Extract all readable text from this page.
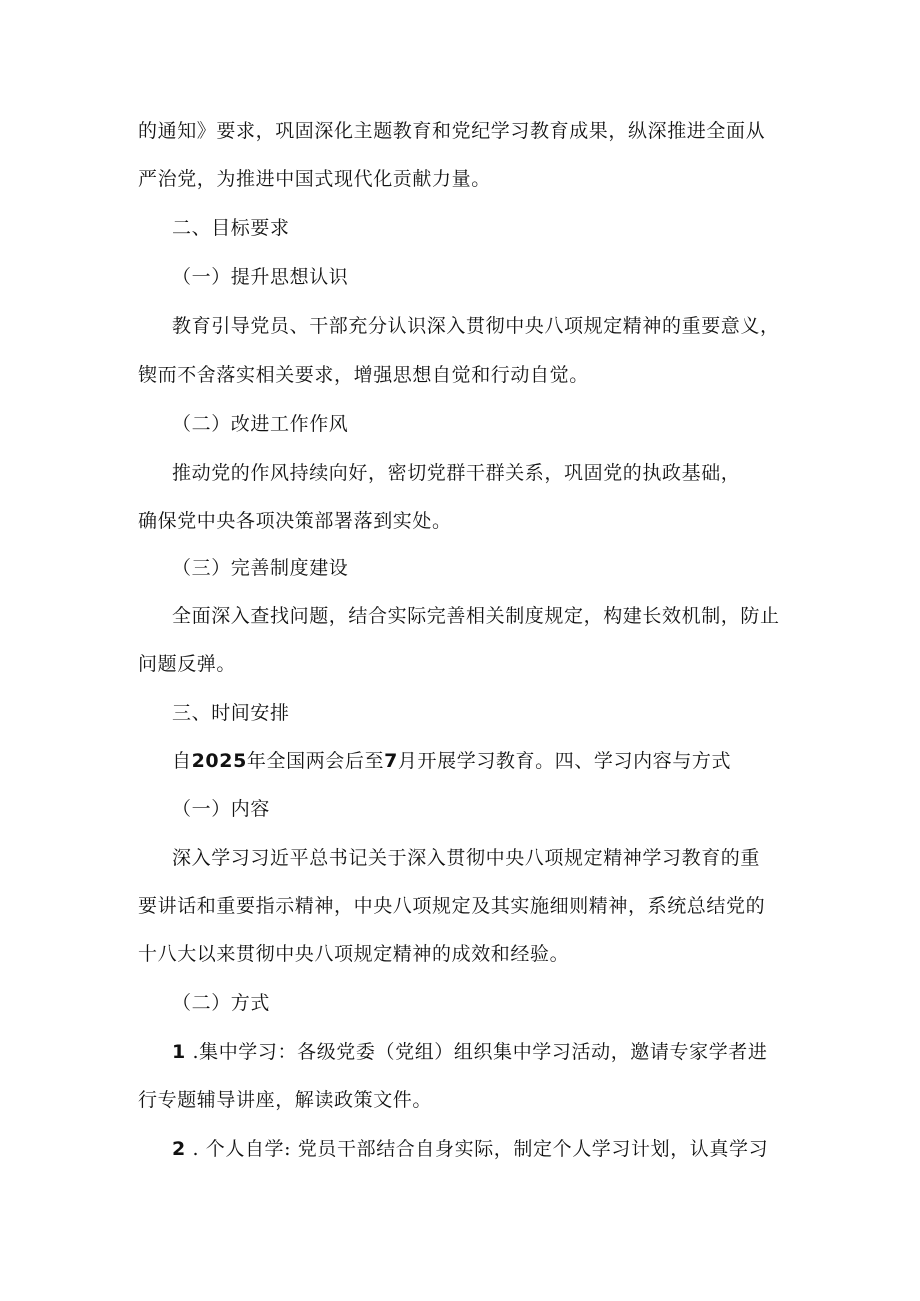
的通知》要求，巩固深化主题教育和党纪学习教育成果，纵深推进全面从
严治党，为推进中国式现代化贡献力量。
二、目标要求
（一）提升思想认识
教育引导党员、干部充分认识深入贯彻中央八项规定精神的重要意义，
锲而不舍落实相关要求，增强思想自觉和行动自觉。
（二）改进工作作风
推动党的作风持续向好，密切党群干群关系，巩固党的执政基础，
确保党中央各项决策部署落到实处。
（三）完善制度建设
全面深入查找问题，结合实际完善相关制度规定，构建长效机制，防止
问题反弹。
三、时间安排
自2025年全国两会后至7月开展学习教育。四、学习内容与方式
（一）内容
深入学习习近平总书记关于深入贯彻中央八项规定精神学习教育的重
要讲话和重要指示精神，中央八项规定及其实施细则精神，系统总结党的
十八大以来贯彻中央八项规定精神的成效和经验。
（二）方式
1 .集中学习：各级党委（党组）组织集中学习活动，邀请专家学者进
行专题辅导讲座，解读政策文件。
2 . 个人自学: 党员干部结合自身实际，制定个人学习计划，认真学习
